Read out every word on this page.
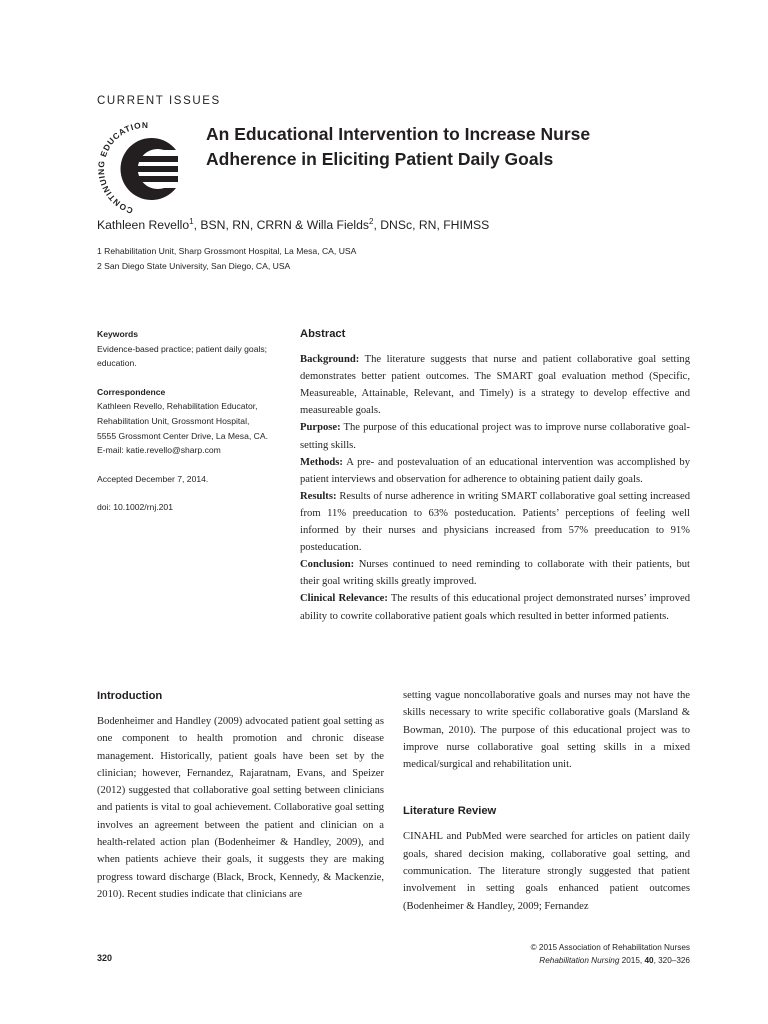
CURRENT ISSUES
CONTINUING EDUCATION	An Educational Intervention to Increase Nurse
Adherence in Eliciting Patient Daily Goals
Kathleen Revello$^1$, BSN, RN, CRRN & Willa Fields$^2$, DNSc, RN, FHIMSS
1 Rehabilitation Unit, Sharp Grossmont Hospital, La Mesa, CA, USA
2 San Diego State University, San Diego, CA, USA
Keywords
Evidence-based practice; patient daily goals;
education.
Correspondence
Kathleen Revello, Rehabilitation Educator,
Rehabilitation Unit, Grossmont Hospital,
5555 Grossmont Center Drive, La Mesa, CA.
E-mail: katie.revello@sharp.com
Accepted December 7, 2014.
doi: 10.1002/rnj.201
Abstract

Background: The literature suggests that nurse and patient collaborative goal setting demonstrates better patient outcomes. The SMART goal evaluation method (Specific, Measureable, Attainable, Relevant, and Timely) is a strategy to develop effective and measureable goals.

Purpose: The purpose of this educational project was to improve nurse collaborative goal-setting skills.

Methods: A pre- and postevaluation of an educational intervention was accomplished by patient interviews and observation for adherence to obtaining patient daily goals.

Results: Results of nurse adherence in writing SMART collaborative goal setting increased from 11% preeducation to 63% posteducation. Patients’ perceptions of feeling well informed by their nurses and physicians increased from 57% preeducation to 91% posteducation.

Conclusion: Nurses continued to need reminding to collaborate with their patients, but their goal writing skills greatly improved.

Clinical Relevance: The results of this educational project demonstrated nurses’ improved ability to cowrite collaborative patient goals which resulted in better informed patients.

Introduction

Bodenheimer and Handley (2009) advocated patient goal setting as one component to health promotion and chronic disease management. Historically, patient goals have been set by the clinician; however, Fernandez, Rajaratnam, Evans, and Speizer (2012) suggested that collaborative goal setting between clinicians and patients is vital to goal achievement. Collaborative goal setting involves an agreement between the patient and clinician on a health-related action plan (Bodenheimer & Handley, 2009), and when patients achieve their goals, it suggests they are making progress toward discharge (Black, Brock, Kennedy, & Mackenzie, 2010). Recent studies indicate that clinicians are

setting vague noncollaborative goals and nurses may not have the skills necessary to write specific collaborative goals (Marsland & Bowman, 2010). The purpose of this educational project was to improve nurse collaborative goal setting skills in a mixed medical/surgical and rehabilitation unit.

Literature Review

CINAHL and PubMed were searched for articles on patient daily goals, shared decision making, collaborative goal setting, and communication. The literature strongly suggested that patient involvement in setting goals enhanced patient outcomes (Bodenheimer & Handley, 2009; Fernandez

320
© 2015 Association of Rehabilitation Nurses
Rehabilitation Nursing 2015, 40, 320–326
